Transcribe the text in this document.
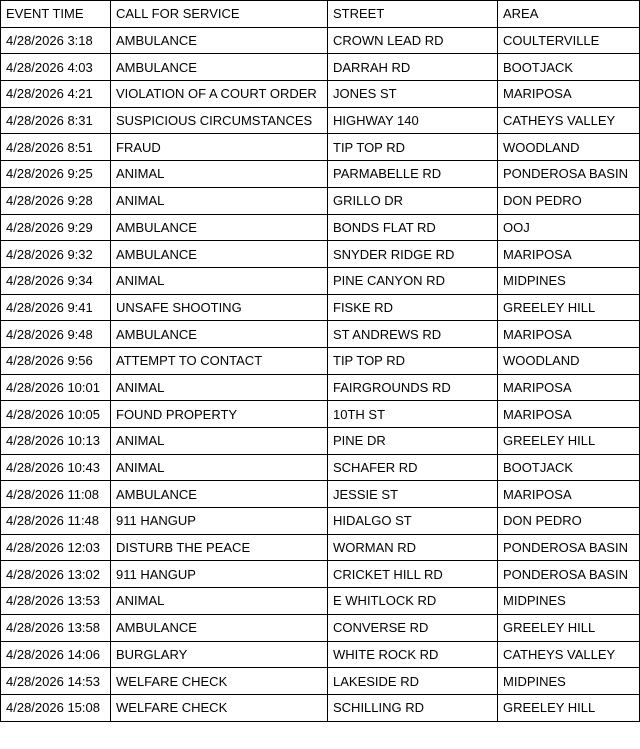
EVENT TIME	CALL FOR SERVICE	STREET	AREA
4/28/2026 3:18	AMBULANCE	CROWN LEAD RD	COULTERVILLE
4/28/2026 4:03	AMBULANCE	DARRAH RD	BOOTJACK
4/28/2026 4:21	VIOLATION OF A COURT ORDER	JONES ST	MARIPOSA
4/28/2026 8:31	SUSPICIOUS CIRCUMSTANCES	HIGHWAY 140	CATHEYS VALLEY
4/28/2026 8:51	FRAUD	TIP TOP RD	WOODLAND
4/28/2026 9:25	ANIMAL	PARMABELLE RD	PONDEROSA BASIN
4/28/2026 9:28	ANIMAL	GRILLO DR	DON PEDRO
4/28/2026 9:29	AMBULANCE	BONDS FLAT RD	OOJ
4/28/2026 9:32	AMBULANCE	SNYDER RIDGE RD	MARIPOSA
4/28/2026 9:34	ANIMAL	PINE CANYON RD	MIDPINES
4/28/2026 9:41	UNSAFE SHOOTING	FISKE RD	GREELEY HILL
4/28/2026 9:48	AMBULANCE	ST ANDREWS RD	MARIPOSA
4/28/2026 9:56	ATTEMPT TO CONTACT	TIP TOP RD	WOODLAND
4/28/2026 10:01	ANIMAL	FAIRGROUNDS RD	MARIPOSA
4/28/2026 10:05	FOUND PROPERTY	10TH ST	MARIPOSA
4/28/2026 10:13	ANIMAL	PINE DR	GREELEY HILL
4/28/2026 10:43	ANIMAL	SCHAFER RD	BOOTJACK
4/28/2026 11:08	AMBULANCE	JESSIE ST	MARIPOSA
4/28/2026 11:48	911 HANGUP	HIDALGO ST	DON PEDRO
4/28/2026 12:03	DISTURB THE PEACE	WORMAN RD	PONDEROSA BASIN
4/28/2026 13:02	911 HANGUP	CRICKET HILL RD	PONDEROSA BASIN
4/28/2026 13:53	ANIMAL	E WHITLOCK RD	MIDPINES
4/28/2026 13:58	AMBULANCE	CONVERSE RD	GREELEY HILL
4/28/2026 14:06	BURGLARY	WHITE ROCK RD	CATHEYS VALLEY
4/28/2026 14:53	WELFARE CHECK	LAKESIDE RD	MIDPINES
4/28/2026 15:08	WELFARE CHECK	SCHILLING RD	GREELEY HILL
